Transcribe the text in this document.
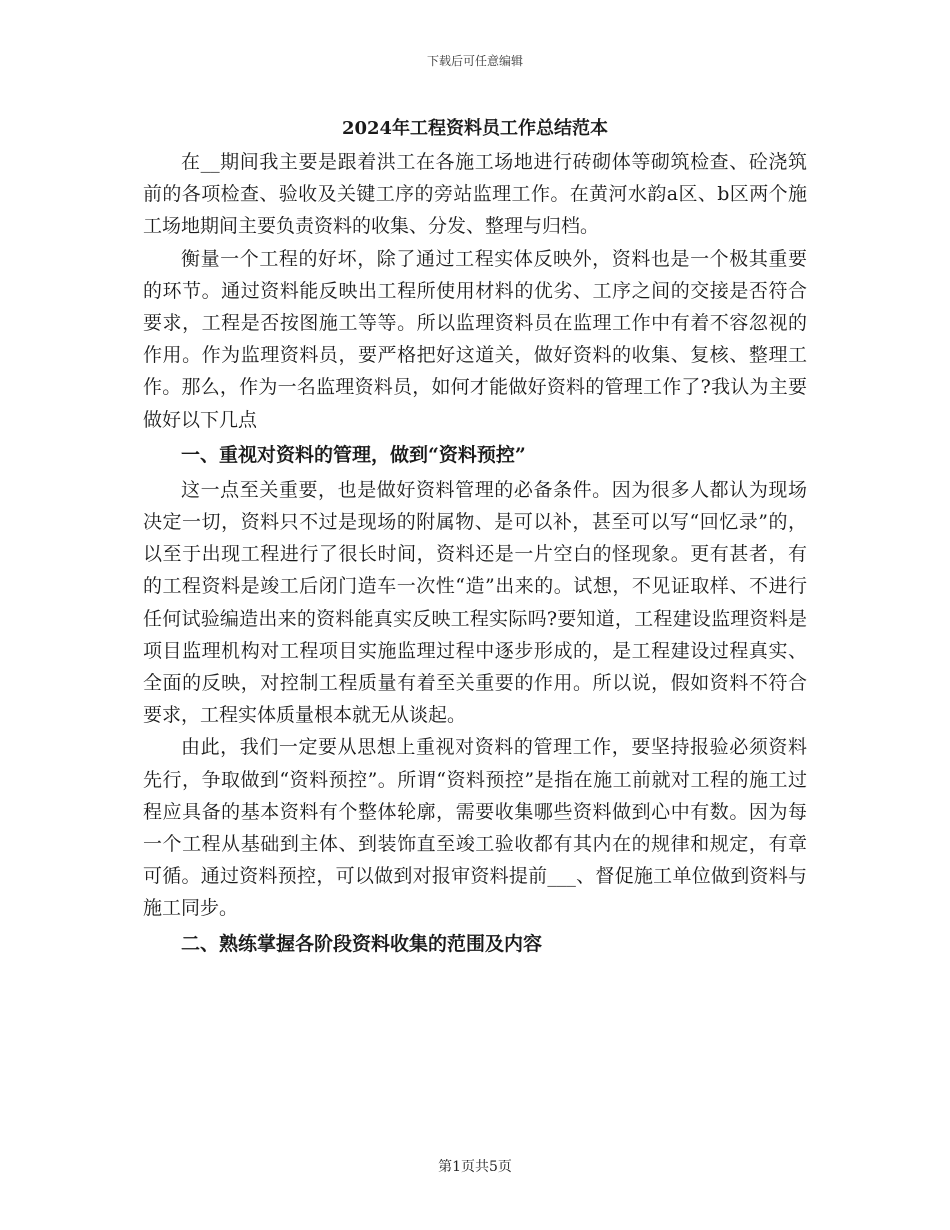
下载后可任意编辑
2024年工程资料员工作总结范本

在__期间我主要是跟着洪工在各施工场地进行砖砌体等砌筑检查、砼浇筑前的各项检查、验收及关键工序的旁站监理工作。在黄河水韵a区、b区两个施工场地期间主要负责资料的收集、分发、整理与归档。

衡量一个工程的好坏，除了通过工程实体反映外，资料也是一个极其重要的环节。通过资料能反映出工程所使用材料的优劣、工序之间的交接是否符合要求，工程是否按图施工等等。所以监理资料员在监理工作中有着不容忽视的作用。作为监理资料员，要严格把好这道关，做好资料的收集、复核、整理工作。那么，作为一名监理资料员，如何才能做好资料的管理工作了?我认为主要做好以下几点

一、重视对资料的管理，做到“资料预控”

这一点至关重要，也是做好资料管理的必备条件。因为很多人都认为现场决定一切，资料只不过是现场的附属物、是可以补，甚至可以写“回忆录”的，以至于出现工程进行了很长时间，资料还是一片空白的怪现象。更有甚者，有的工程资料是竣工后闭门造车一次性“造”出来的。试想，不见证取样、不进行任何试验编造出来的资料能真实反映工程实际吗?要知道，工程建设监理资料是项目监理机构对工程项目实施监理过程中逐步形成的，是工程建设过程真实、全面的反映，对控制工程质量有着至关重要的作用。所以说，假如资料不符合要求，工程实体质量根本就无从谈起。

由此，我们一定要从思想上重视对资料的管理工作，要坚持报验必须资料先行，争取做到“资料预控”。所谓“资料预控”是指在施工前就对工程的施工过程应具备的基本资料有个整体轮廓，需要收集哪些资料做到心中有数。因为每一个工程从基础到主体、到装饰直至竣工验收都有其内在的规律和规定，有章可循。通过资料预控，可以做到对报审资料提前___、督促施工单位做到资料与施工同步。

二、熟练掌握各阶段资料收集的范围及内容
第1页共5页
